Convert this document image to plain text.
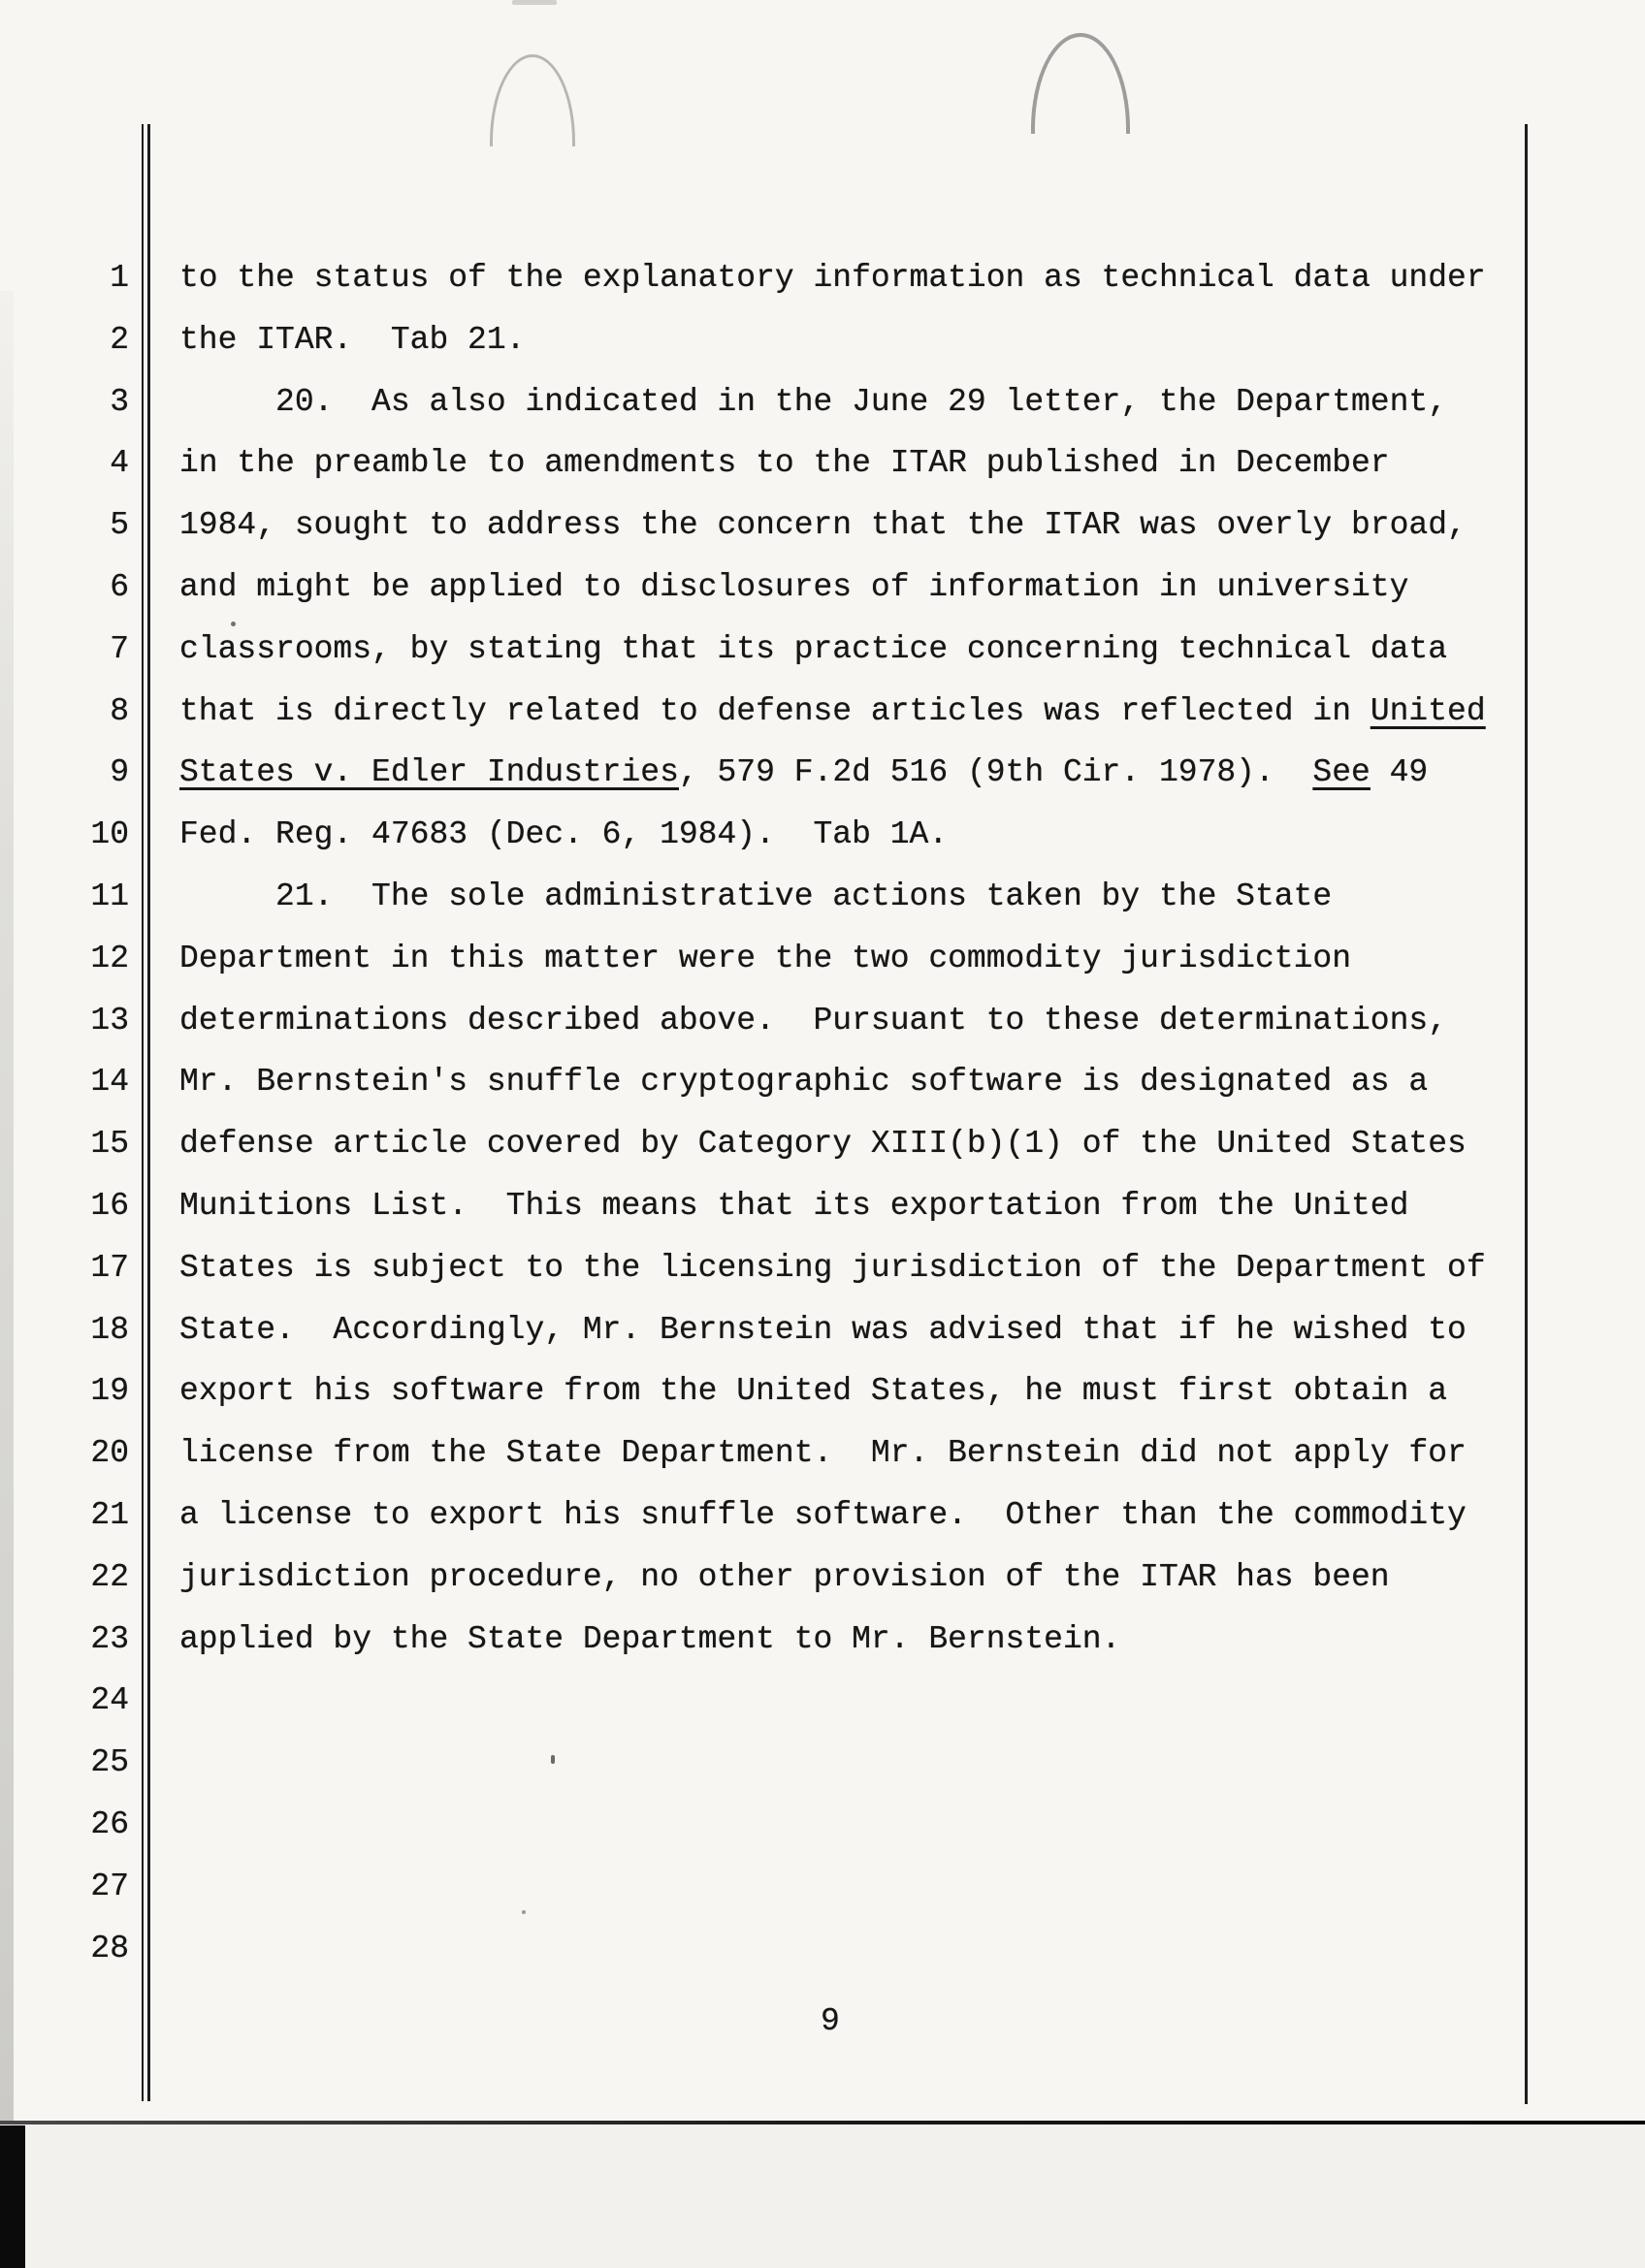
1 to the status of the explanatory information as technical data under
2 the ITAR.  Tab 21.
3 20.  As also indicated in the June 29 letter, the Department,
4 in the preamble to amendments to the ITAR published in December
5 1984, sought to address the concern that the ITAR was overly broad,
6 and might be applied to disclosures of information in university
7 classrooms, by stating that its practice concerning technical data
8 that is directly related to defense articles was reflected in United
9 States v. Edler Industries, 579 F.2d 516 (9th Cir. 1978).  See 49
10 Fed. Reg. 47683 (Dec. 6, 1984).  Tab 1A.
11 21.  The sole administrative actions taken by the State
12 Department in this matter were the two commodity jurisdiction
13 determinations described above.  Pursuant to these determinations,
14 Mr. Bernstein's snuffle cryptographic software is designated as a
15 defense article covered by Category XIII(b)(1) of the United States
16 Munitions List.  This means that its exportation from the United
17 States is subject to the licensing jurisdiction of the Department of
18 State.  Accordingly, Mr. Bernstein was advised that if he wished to
19 export his software from the United States, he must first obtain a
20 license from the State Department.  Mr. Bernstein did not apply for
21 a license to export his snuffle software.  Other than the commodity
22 jurisdiction procedure, no other provision of the ITAR has been
23 applied by the State Department to Mr. Bernstein.
24
25
26
27
28
9
